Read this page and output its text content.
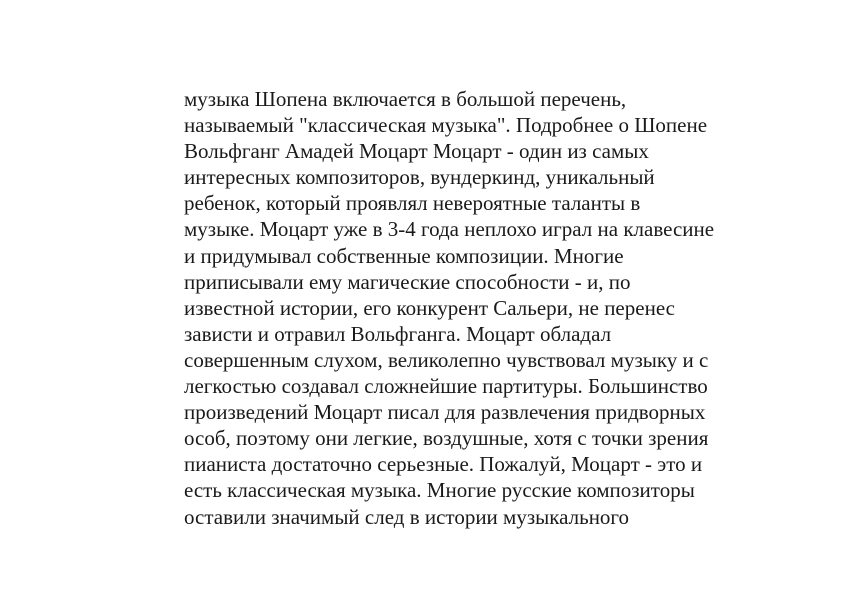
музыка Шопена включается в большой перечень,
называемый "классическая музыка". Подробнее о Шопене
Вольфганг Амадей Моцарт Моцарт - один из самых
интересных композиторов, вундеркинд, уникальный
ребенок, который проявлял невероятные таланты в
музыке. Моцарт уже в 3-4 года неплохо играл на клавесине
и придумывал собственные композиции. Многие
приписывали ему магические способности - и, по
известной истории, его конкурент Сальери, не перенес
зависти и отравил Вольфганга. Моцарт обладал
совершенным слухом, великолепно чувствовал музыку и с
легкостью создавал сложнейшие партитуры. Большинство
произведений Моцарт писал для развлечения придворных
особ, поэтому они легкие, воздушные, хотя с точки зрения
пианиста достаточно серьезные. Пожалуй, Моцарт - это и
есть классическая музыка. Многие русские композиторы
оставили значимый след в истории музыкального
